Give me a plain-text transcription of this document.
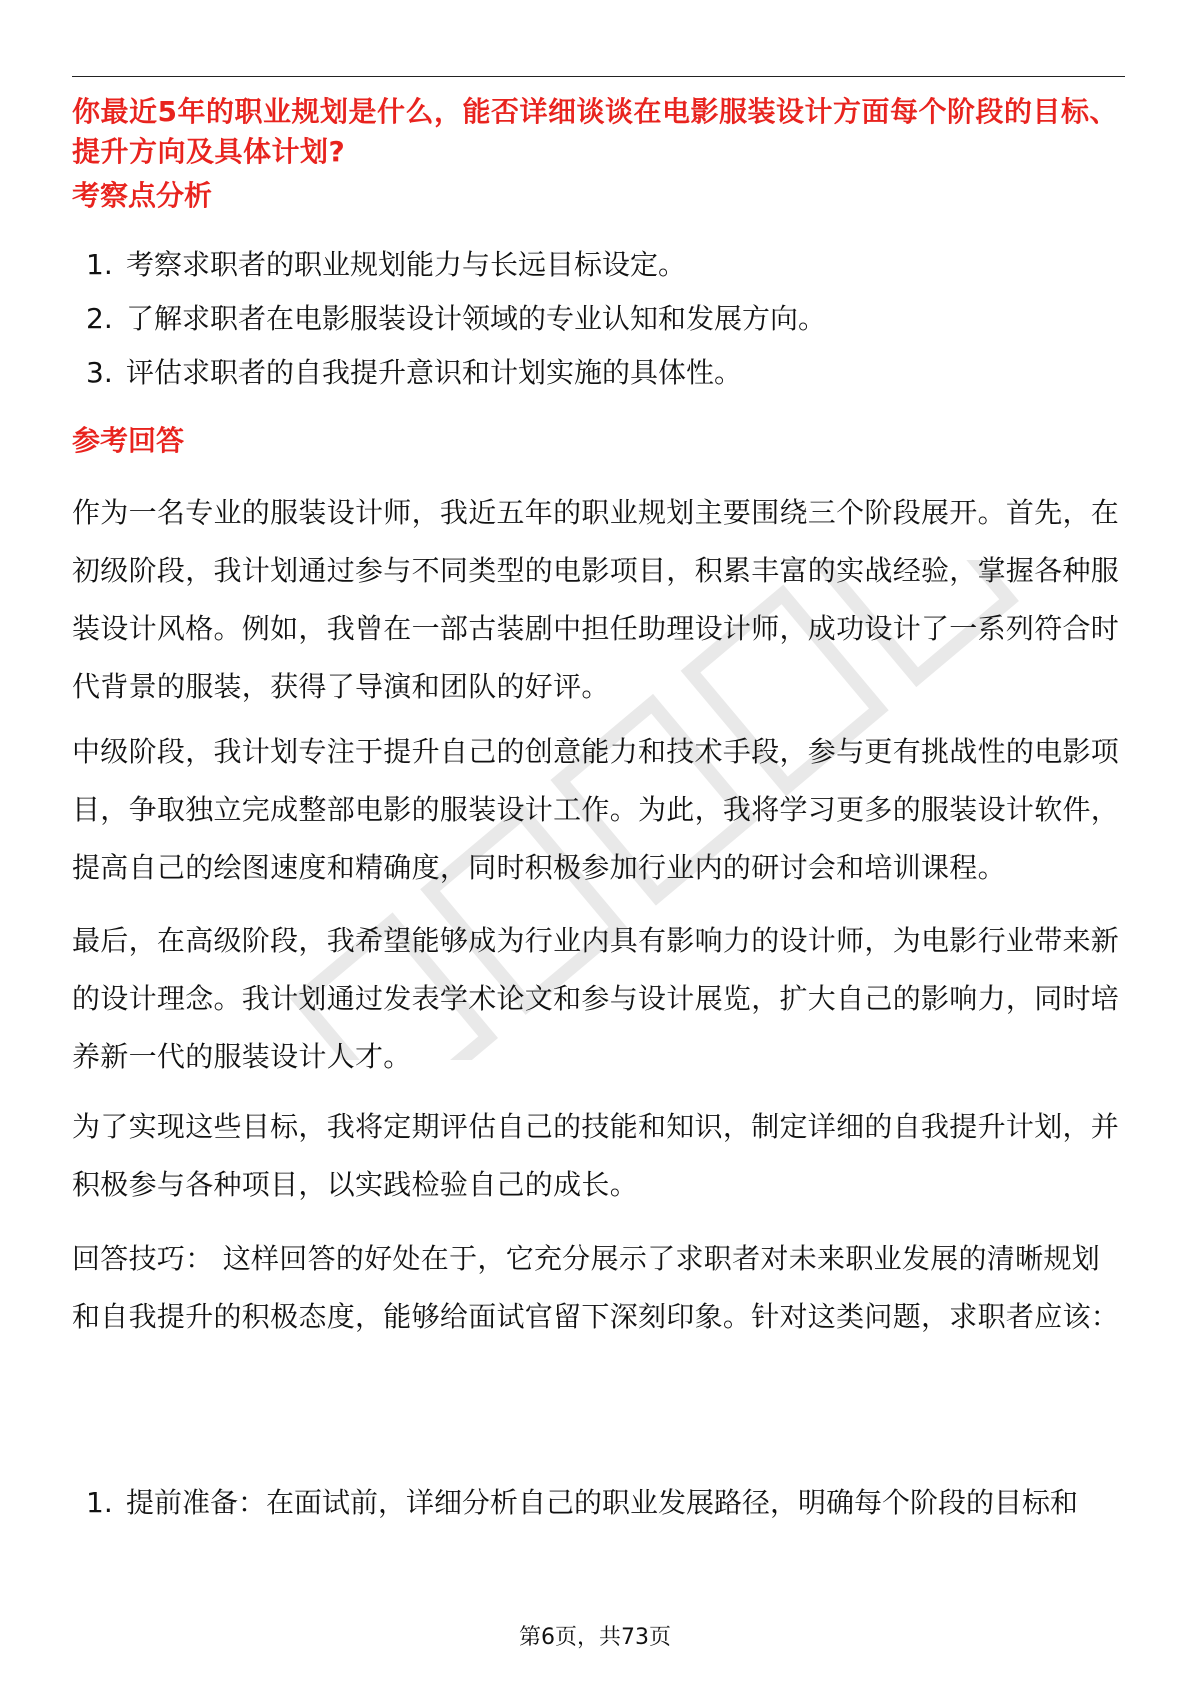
你最近5年的职业规划是什么，能否详细谈谈在电影服装设计方面每个阶段的目标、提升方向及具体计划?
考察点分析
1. 考察求职者的职业规划能力与长远目标设定。
2. 了解求职者在电影服装设计领域的专业认知和发展方向。
3. 评估求职者的自我提升意识和计划实施的具体性。
参考回答
作为一名专业的服装设计师，我近五年的职业规划主要围绕三个阶段展开。首先，在初级阶段，我计划通过参与不同类型的电影项目，积累丰富的实战经验，掌握各种服装设计风格。例如，我曾在一部古装剧中担任助理设计师，成功设计了一系列符合时代背景的服装，获得了导演和团队的好评。
中级阶段，我计划专注于提升自己的创意能力和技术手段，参与更有挑战性的电影项目，争取独立完成整部电影的服装设计工作。为此，我将学习更多的服装设计软件，提高自己的绘图速度和精确度，同时积极参加行业内的研讨会和培训课程。
最后，在高级阶段，我希望能够成为行业内具有影响力的设计师，为电影行业带来新的设计理念。我计划通过发表学术论文和参与设计展览，扩大自己的影响力，同时培养新一代的服装设计人才。
为了实现这些目标，我将定期评估自己的技能和知识，制定详细的自我提升计划，并积极参与各种项目，以实践检验自己的成长。
回答技巧： 这样回答的好处在于，它充分展示了求职者对未来职业发展的清晰规划和自我提升的积极态度，能够给面试官留下深刻印象。针对这类问题，求职者应该：
1. 提前准备：在面试前，详细分析自己的职业发展路径，明确每个阶段的目标和
第6页，共73页
